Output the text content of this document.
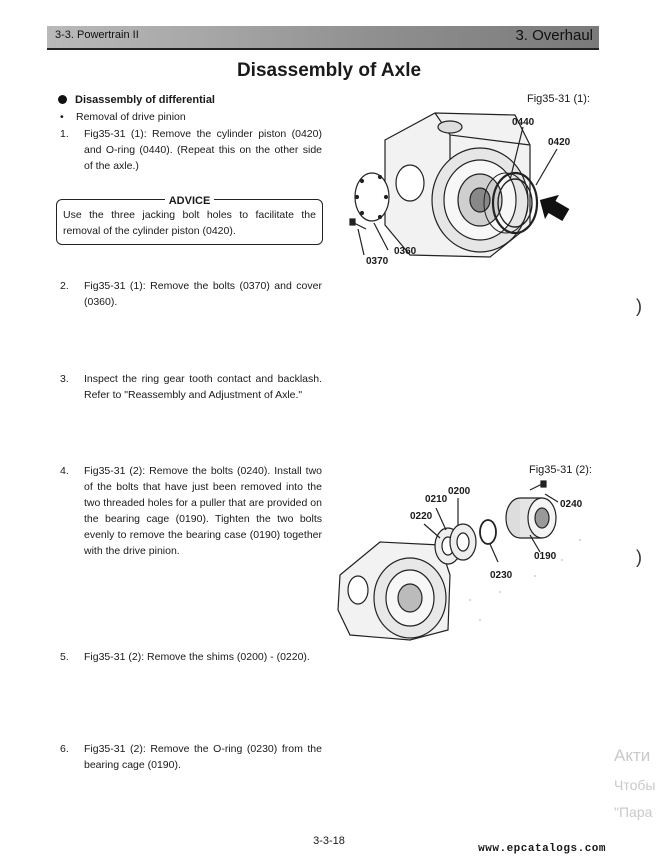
3-3. Powertrain II	3. Overhaul
Disassembly of Axle
Disassembly of differential
• Removal of drive pinion
1. Fig35-31 (1): Remove the cylinder piston (0420) and O-ring (0440). (Repeat this on the other side of the axle.)
ADVICE
Use the three jacking bolt holes to facilitate the removal of the cylinder piston (0420).
2. Fig35-31 (1): Remove the bolts (0370) and cover (0360).
3. Inspect the ring gear tooth contact and backlash. Refer to "Reassembly and Adjustment of Axle."
4. Fig35-31 (2): Remove the bolts (0240). Install two of the bolts that have just been removed into the two threaded holes for a puller that are provided on the bearing cage (0190). Tighten the two bolts evenly to remove the bearing case (0190) together with the drive pinion.
5. Fig35-31 (2): Remove the shims (0200) - (0220).
6. Fig35-31 (2): Remove the O-ring (0230) from the bearing cage (0190).
Fig35-31 (1):
0440
0420
0360
0370
Fig35-31 (2):
0200
0210
0220
0240
0190
0230
)
)
Акти
Чтобы
"Пара
3-3-18
www.epcatalogs.com
